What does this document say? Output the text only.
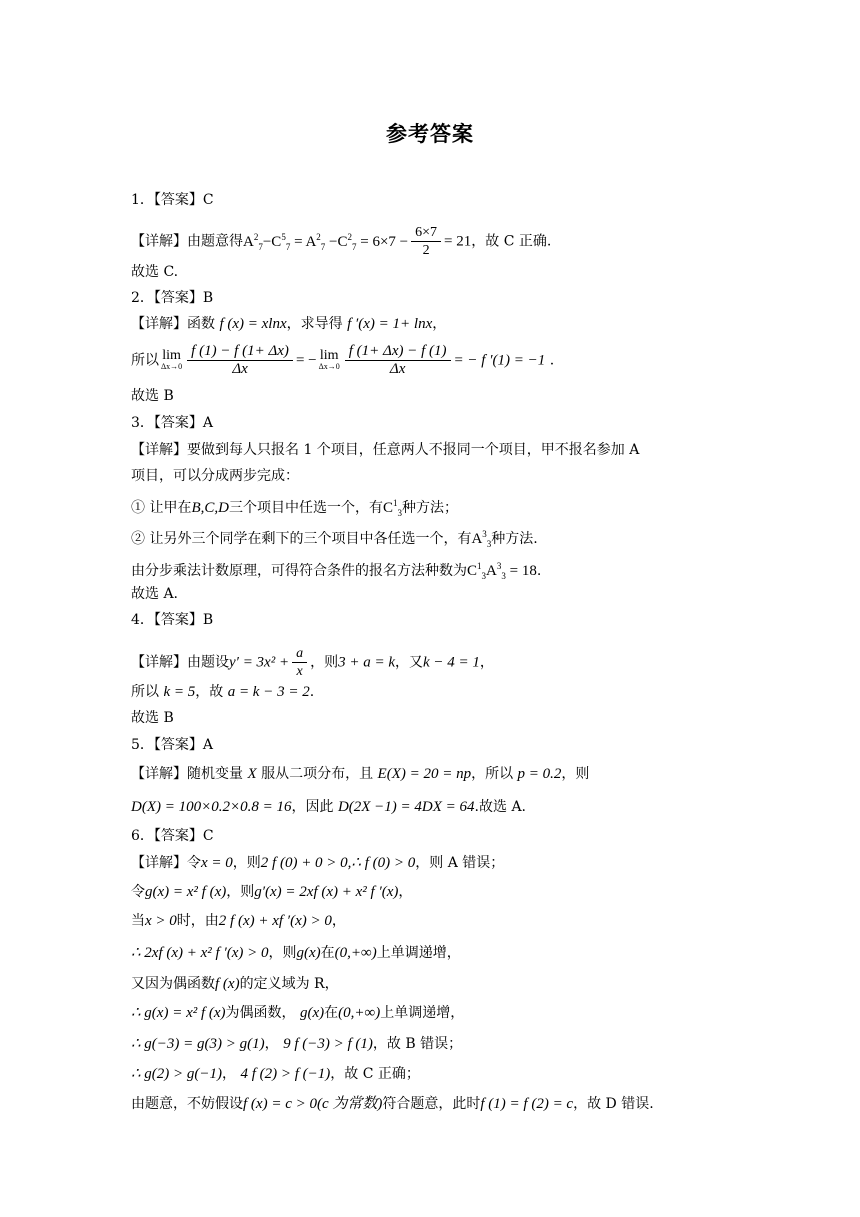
参考答案
1．【答案】C
【详解】由题意得$A^2_7-C^5_7 = A^2_7 -C^2_7 = 6\times 7 - \frac{6\times 7}{2} = 21$，故 C 正确.
故选 C.
2．【答案】B
【详解】函数 f (x) = xlnx，求导得 f ′(x) = 1+ lnx，
所以 lim
$\Delta x\to 0 \frac{f (1) - f (1+ \Delta x)}{\Delta x}$ = − lim
$\Delta x\to 0 \frac{f (1+ \Delta x) - f (1)}{\Delta x}$ = − f ′(1) = −1 .
故选 B
3．【答案】A
【详解】要做到每人只报名 1 个项目，任意两人不报同一个项目，甲不报名参加 A
项目，可以分成两步完成：
① 让甲在B,C,D三个项目中任选一个，有$C^1_3$种方法；
② 让另外三个同学在剩下的三个项目中各任选一个，有$A^3_3$种方法.
由分步乘法计数原理，可得符合条件的报名方法种数为$C^1_3A^3_3 = 18$.
故选 A.
4．【答案】B
【详解】由题设$y' = 3x^2 + \frac{a}{x}$ ，则3 + a = k，又k − 4 = 1，
所以 k = 5，故 a = k − 3 = 2.
故选 B
5．【答案】A
【详解】随机变量 X 服从二项分布，且 E(X) = 20 = np，所以 p = 0.2，则
D(X) = 100×0.2×0.8 = 16，因此 D(2X −1) = 4DX = 64.故选 A.
6．【答案】C
【详解】令x = 0，则2 f (0) + 0 > 0,∴ f (0) > 0，则 A 错误；
令g(x) = x² f (x)，则g′(x) = 2xf (x) + x² f ′(x)，
当x > 0时，由2 f (x) + xf ′(x) > 0，
∴ 2xf (x) + x² f ′(x) > 0，则g(x)在(0,+∞)上单调递增，
又因为偶函数f (x)的定义域为 R，
∴ g(x) = x² f (x)为偶函数， g(x)在(0,+∞)上单调递增，
∴ g(−3) = g(3) > g(1)， 9 f (−3) > f (1)，故 B 错误；
∴ g(2) > g(−1)， 4 f (2) > f (−1)，故 C 正确；
由题意，不妨假设f (x) = c > 0(c 为常数)符合题意，此时f (1) = f (2) = c，故 D 错误.
